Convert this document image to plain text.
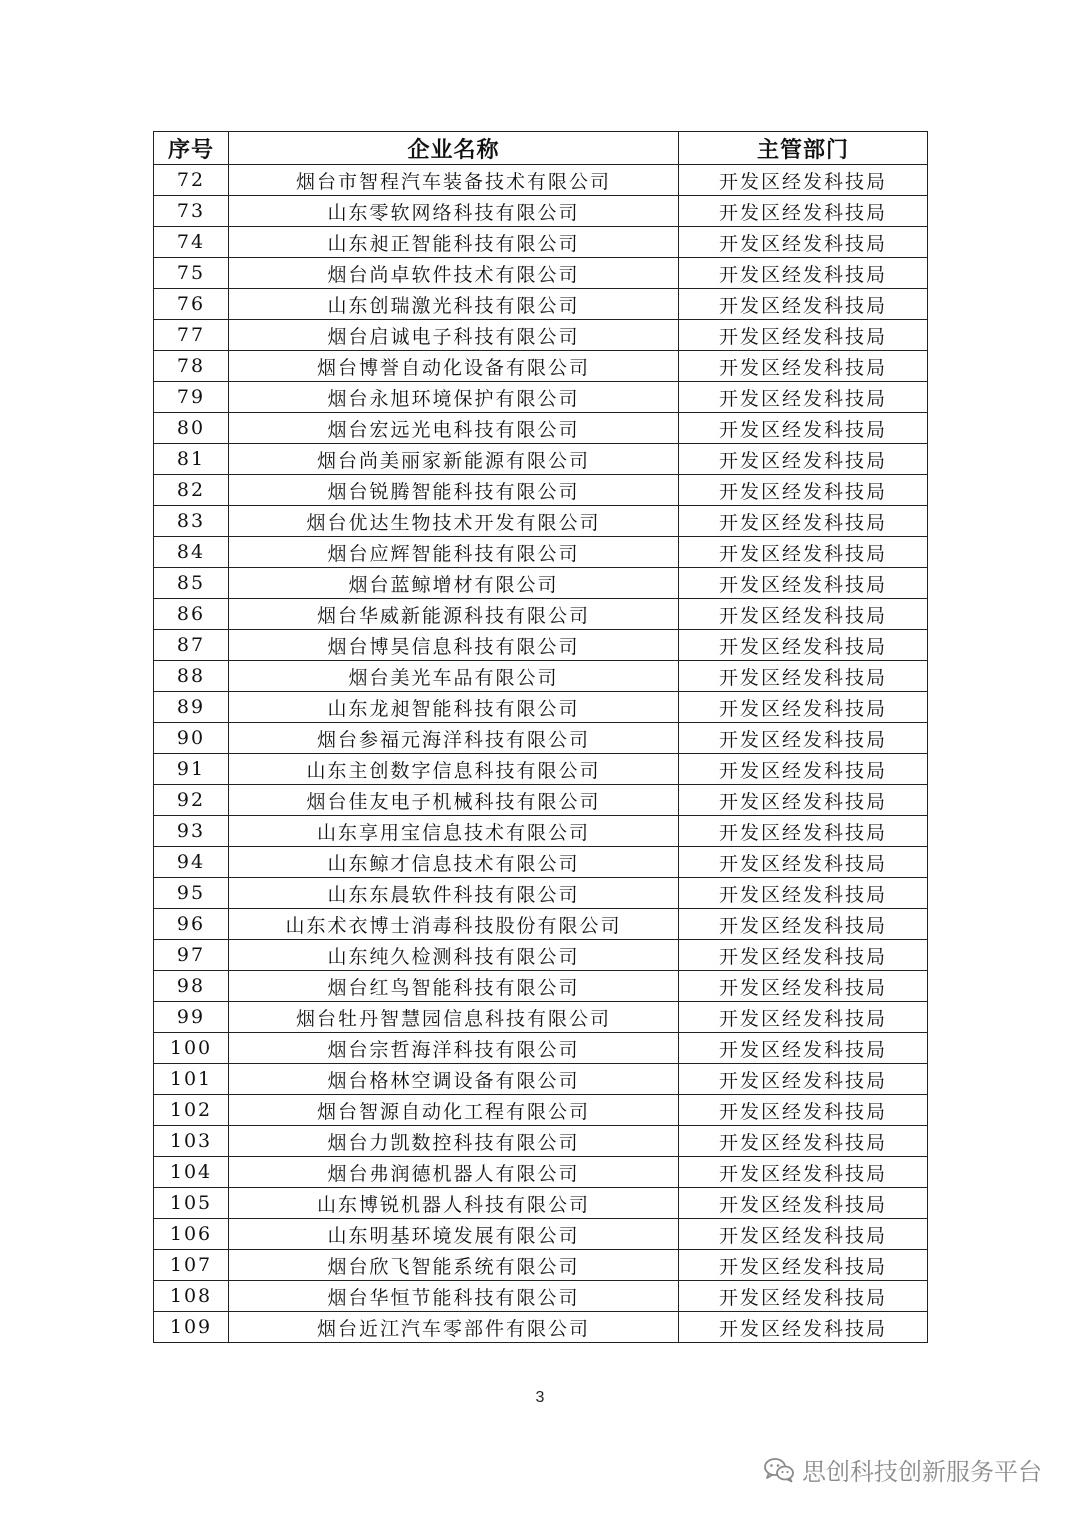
序号	企业名称	主管部门
72	烟台市智程汽车装备技术有限公司	开发区经发科技局
73	山东零软网络科技有限公司	开发区经发科技局
74	山东昶正智能科技有限公司	开发区经发科技局
75	烟台尚卓软件技术有限公司	开发区经发科技局
76	山东创瑞激光科技有限公司	开发区经发科技局
77	烟台启诚电子科技有限公司	开发区经发科技局
78	烟台博誉自动化设备有限公司	开发区经发科技局
79	烟台永旭环境保护有限公司	开发区经发科技局
80	烟台宏远光电科技有限公司	开发区经发科技局
81	烟台尚美丽家新能源有限公司	开发区经发科技局
82	烟台锐腾智能科技有限公司	开发区经发科技局
83	烟台优达生物技术开发有限公司	开发区经发科技局
84	烟台应辉智能科技有限公司	开发区经发科技局
85	烟台蓝鲸增材有限公司	开发区经发科技局
86	烟台华威新能源科技有限公司	开发区经发科技局
87	烟台博昊信息科技有限公司	开发区经发科技局
88	烟台美光车品有限公司	开发区经发科技局
89	山东龙昶智能科技有限公司	开发区经发科技局
90	烟台参福元海洋科技有限公司	开发区经发科技局
91	山东主创数字信息科技有限公司	开发区经发科技局
92	烟台佳友电子机械科技有限公司	开发区经发科技局
93	山东享用宝信息技术有限公司	开发区经发科技局
94	山东鲸才信息技术有限公司	开发区经发科技局
95	山东东晨软件科技有限公司	开发区经发科技局
96	山东术衣博士消毒科技股份有限公司	开发区经发科技局
97	山东纯久检测科技有限公司	开发区经发科技局
98	烟台红鸟智能科技有限公司	开发区经发科技局
99	烟台牡丹智慧园信息科技有限公司	开发区经发科技局
100	烟台宗哲海洋科技有限公司	开发区经发科技局
101	烟台格林空调设备有限公司	开发区经发科技局
102	烟台智源自动化工程有限公司	开发区经发科技局
103	烟台力凯数控科技有限公司	开发区经发科技局
104	烟台弗润德机器人有限公司	开发区经发科技局
105	山东博锐机器人科技有限公司	开发区经发科技局
106	山东明基环境发展有限公司	开发区经发科技局
107	烟台欣飞智能系统有限公司	开发区经发科技局
108	烟台华恒节能科技有限公司	开发区经发科技局
109	烟台近江汽车零部件有限公司	开发区经发科技局
3
思创科技创新服务平台
